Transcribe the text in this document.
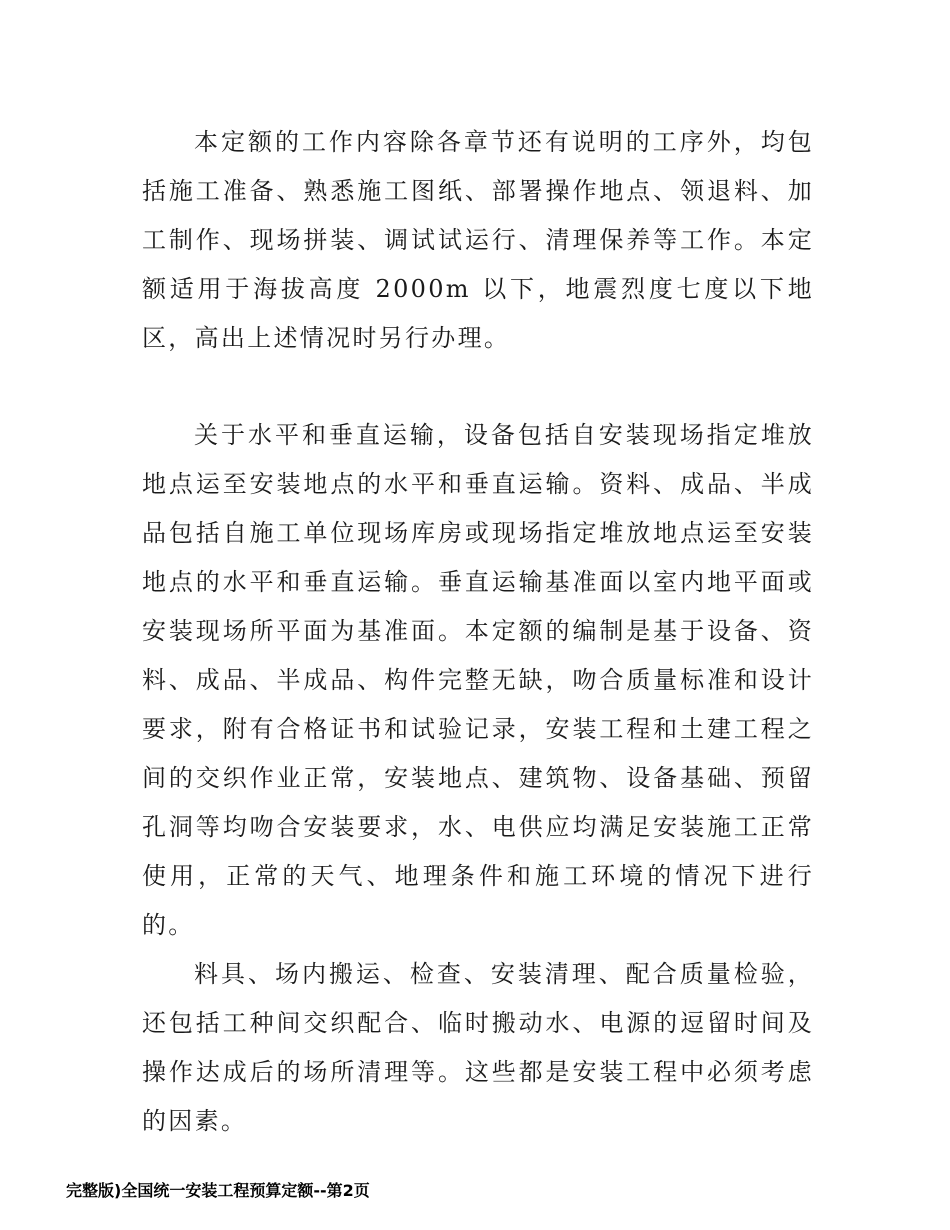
本定额的工作内容除各章节还有说明的工序外，均包括施工准备、熟悉施工图纸、部署操作地点、领退料、加工制作、现场拼装、调试试运行、清理保养等工作。本定额适用于海拔高度 2000m 以下，地震烈度七度以下地区，高出上述情况时另行办理。

关于水平和垂直运输，设备包括自安装现场指定堆放地点运至安装地点的水平和垂直运输。资料、成品、半成品包括自施工单位现场库房或现场指定堆放地点运至安装地点的水平和垂直运输。垂直运输基准面以室内地平面或安装现场所平面为基准面。本定额的编制是基于设备、资料、成品、半成品、构件完整无缺，吻合质量标准和设计要求，附有合格证书和试验记录，安装工程和土建工程之间的交织作业正常，安装地点、建筑物、设备基础、预留孔洞等均吻合安装要求，水、电供应均满足安装施工正常使用，正常的天气、地理条件和施工环境的情况下进行的。

料具、场内搬运、检查、安装清理、配合质量检验，还包括工种间交织配合、临时搬动水、电源的逗留时间及操作达成后的场所清理等。这些都是安装工程中必须考虑的因素。

完整版)全国统一安装工程预算定额--第2页
